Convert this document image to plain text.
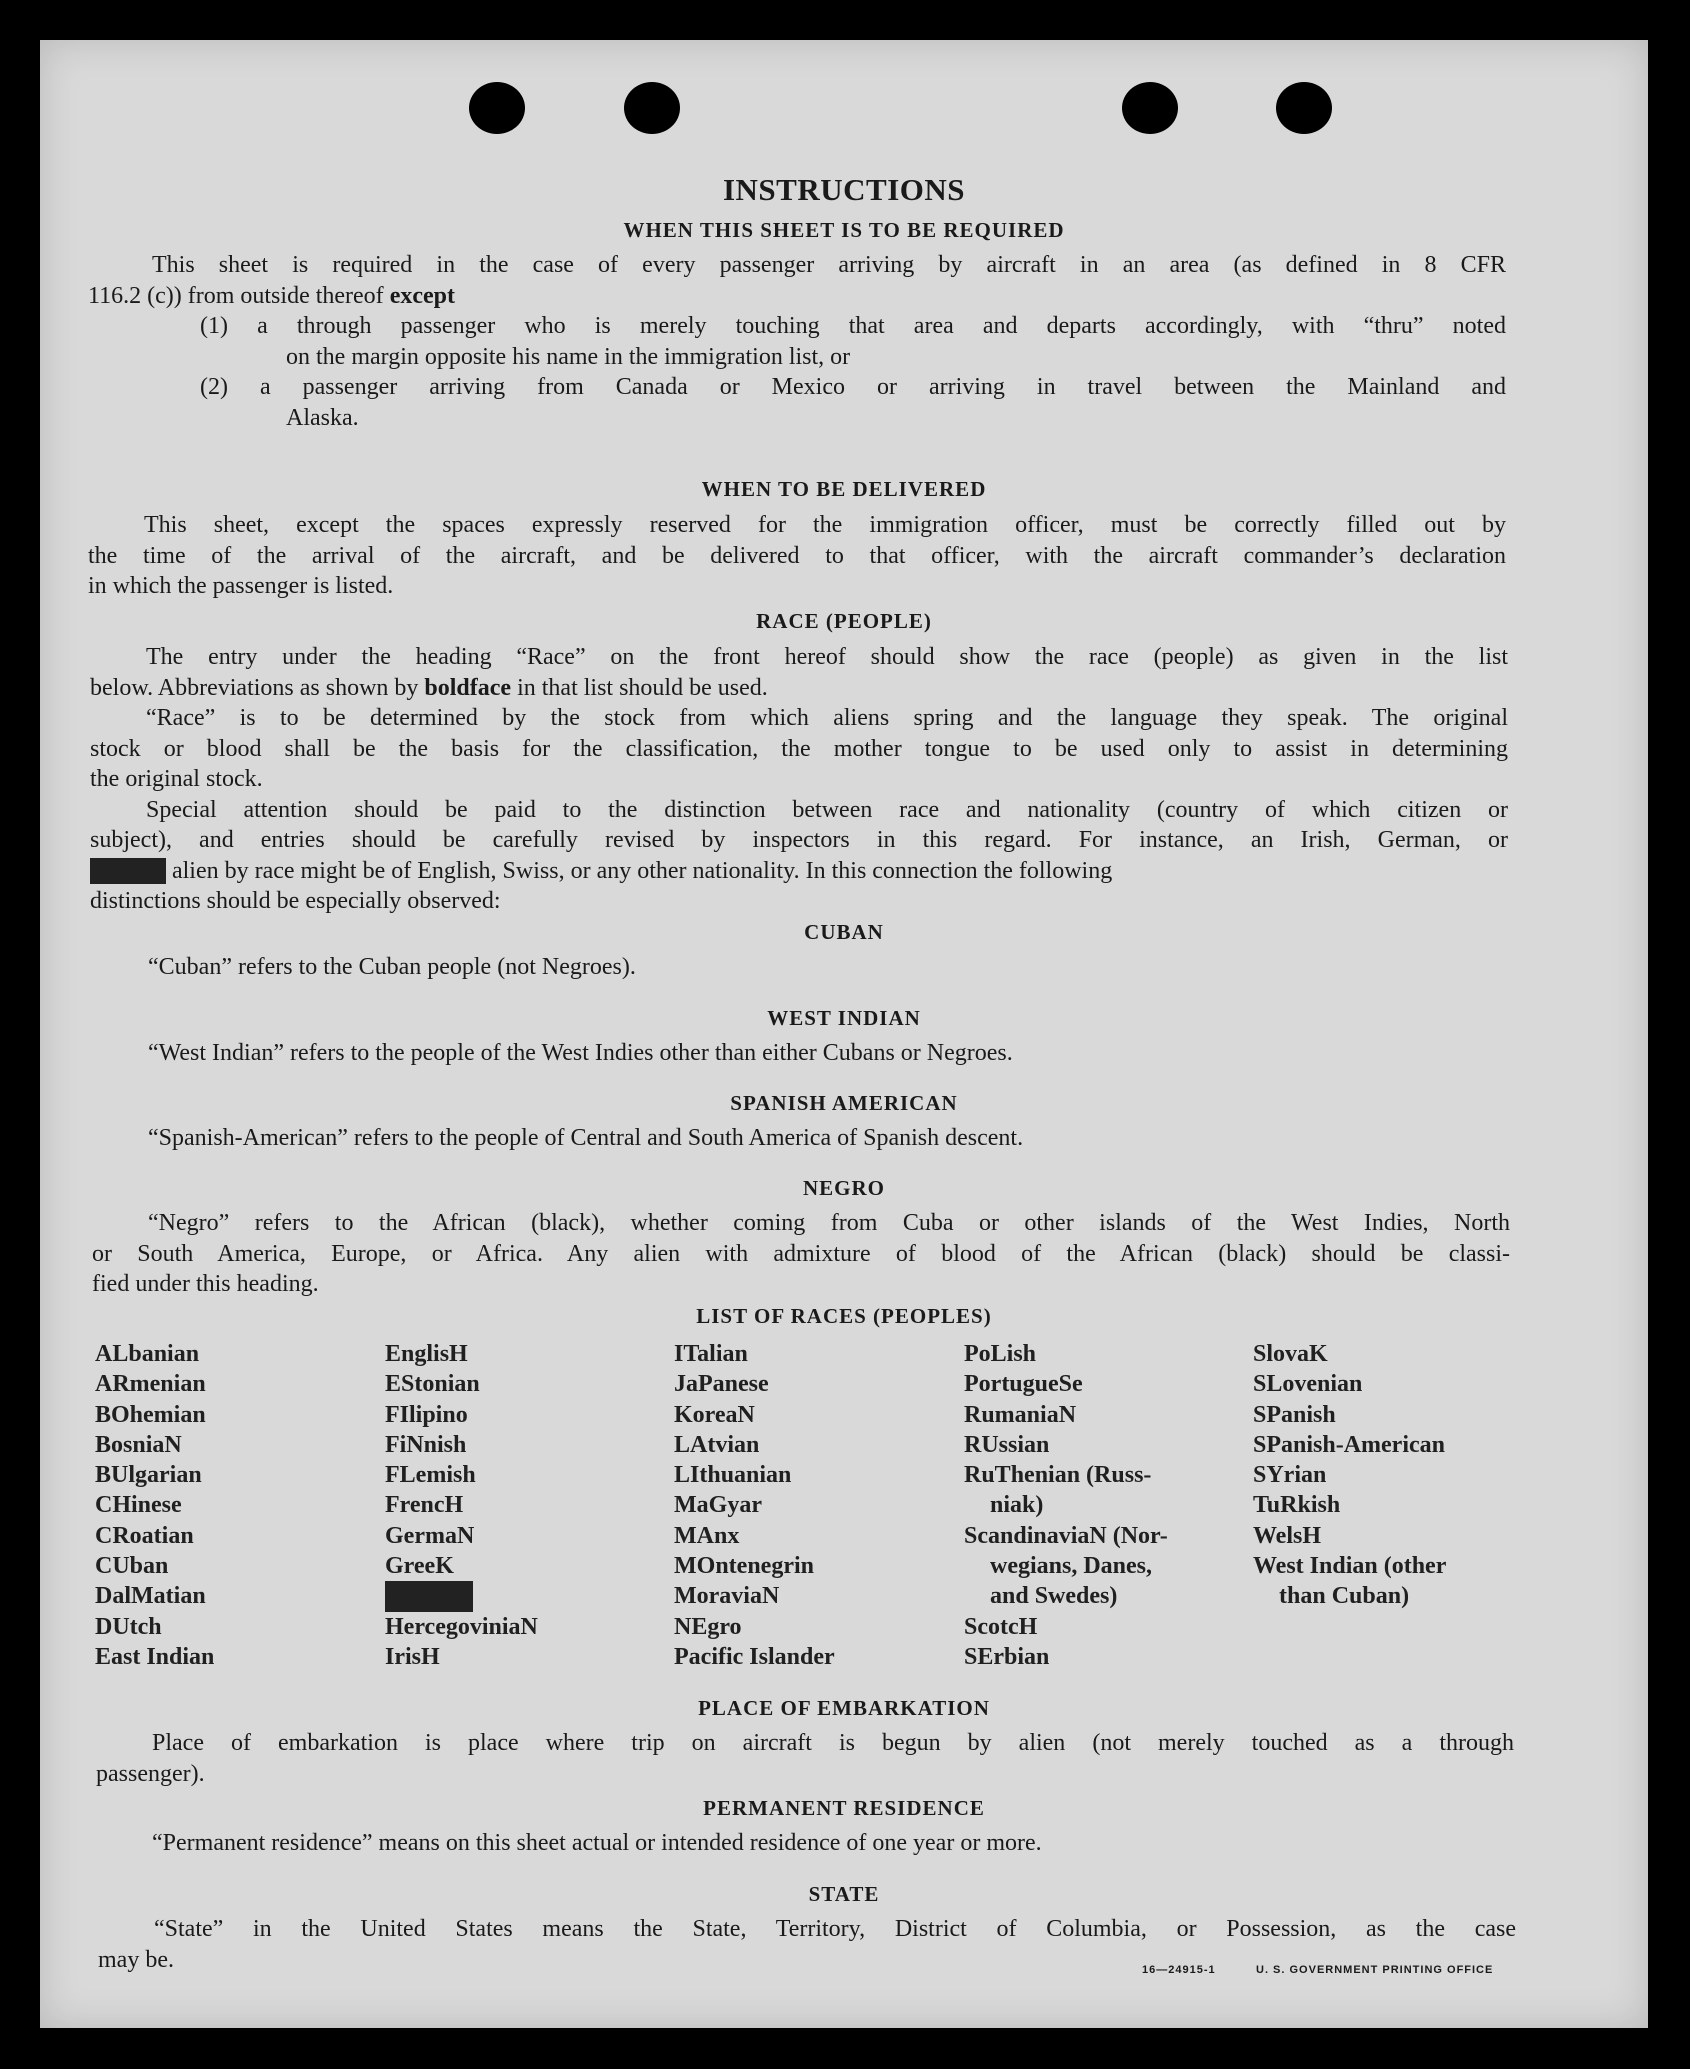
INSTRUCTIONS
WHEN THIS SHEET IS TO BE REQUIRED
This sheet is required in the case of every passenger arriving by aircraft in an area (as defined in 8 CFR
116.2 (c)) from outside thereof except
(1) a through passenger who is merely touching that area and departs accordingly, with “thru” noted
on the margin opposite his name in the immigration list, or
(2) a passenger arriving from Canada or Mexico or arriving in travel between the Mainland and
Alaska.
WHEN TO BE DELIVERED
This sheet, except the spaces expressly reserved for the immigration officer, must be correctly filled out by
the time of the arrival of the aircraft, and be delivered to that officer, with the aircraft commander’s declaration
in which the passenger is listed.
RACE (PEOPLE)
The entry under the heading “Race” on the front hereof should show the race (people) as given in the list
below. Abbreviations as shown by boldface in that list should be used.
“Race” is to be determined by the stock from which aliens spring and the language they speak. The original
stock or blood shall be the basis for the classification, the mother tongue to be used only to assist in determining
the original stock.
Special attention should be paid to the distinction between race and nationality (country of which citizen or
subject), and entries should be carefully revised by inspectors in this regard. For instance, an Irish, German, or
Hebrew alien by race might be of English, Swiss, or any other nationality. In this connection the following
distinctions should be especially observed:
CUBAN
“Cuban” refers to the Cuban people (not Negroes).
WEST INDIAN
“West Indian” refers to the people of the West Indies other than either Cubans or Negroes.
SPANISH AMERICAN
“Spanish-American” refers to the people of Central and South America of Spanish descent.
NEGRO
“Negro” refers to the African (black), whether coming from Cuba or other islands of the West Indies, North
or South America, Europe, or Africa. Any alien with admixture of blood of the African (black) should be classi-
fied under this heading.
LIST OF RACES (PEOPLES)
ALbanian
ARmenian
BOhemian
BosniaN
BUlgarian
CHinese
CRoatian
CUban
DalMatian
DUtch
East Indian
EnglisH
EStonian
FIlipino
FiNnish
FLemish
FrencH
GermaN
GreeK
HebreW
HercegoviniaN
IrisH
ITalian
JaPanese
KoreaN
LAtvian
LIthuanian
MaGyar
MAnx
MOntenegrin
MoraviaN
NEgro
Pacific Islander
PoLish
PortugueSe
RumaniaN
RUssian
RuThenian (Russ-
niak)
ScandinaviaN (Nor-
wegians, Danes,
and Swedes)
ScotcH
SErbian
SlovaK
SLovenian
SPanish
SPanish-American
SYrian
TuRkish
WelsH
West Indian (other
than Cuban)
PLACE OF EMBARKATION
Place of embarkation is place where trip on aircraft is begun by alien (not merely touched as a through
passenger).
PERMANENT RESIDENCE
“Permanent residence” means on this sheet actual or intended residence of one year or more.
STATE
“State” in the United States means the State, Territory, District of Columbia, or Possession, as the case
may be.	16—24915-1	U. S. GOVERNMENT PRINTING OFFICE
